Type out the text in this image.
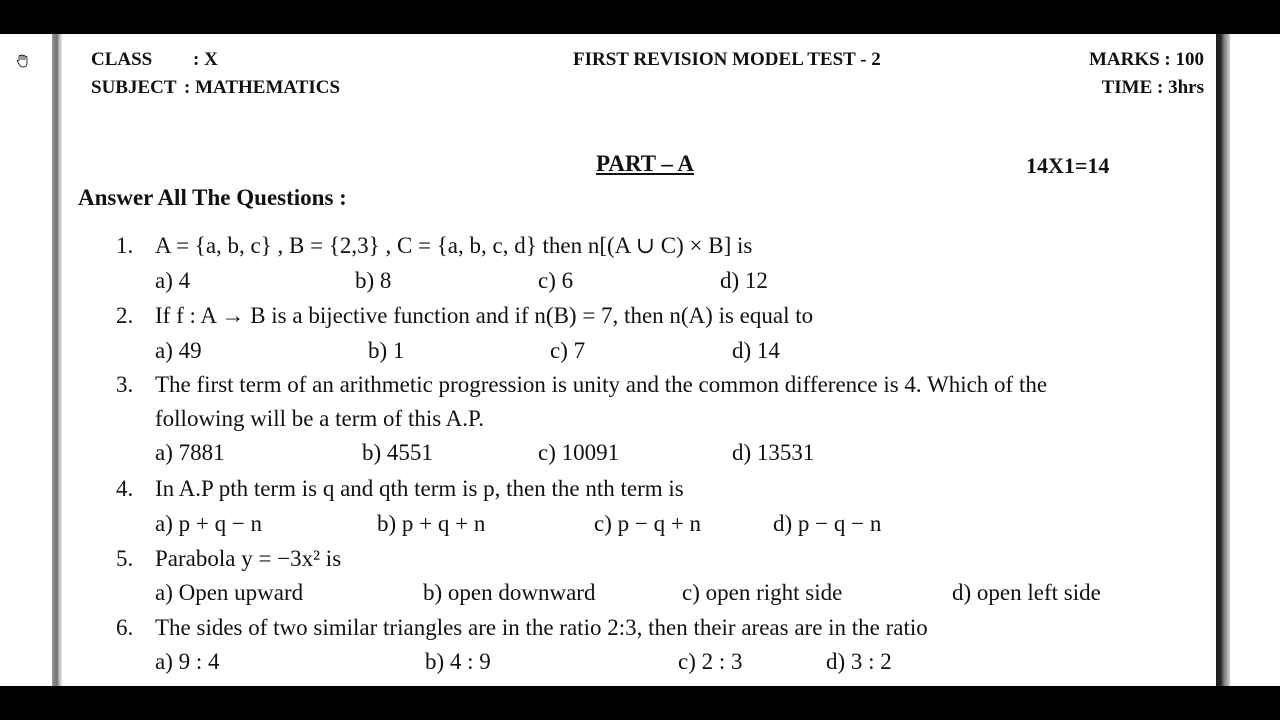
CLASS : X
SUBJECT : MATHEMATICS
FIRST REVISION MODEL TEST - 2	MARKS : 100
TIME : 3hrs
PART – A	14X1=14
Answer All The Questions :
1. A = {a, b, c} , B = {2,3} , C = {a, b, c, d} then n[(A ∪ C) × B] is
a) 4	b) 8	c) 6	d) 12
2. If f : A → B is a bijective function and if n(B) = 7, then n(A) is equal to
a) 49	b) 1	c) 7	d) 14
3. The first term of an arithmetic progression is unity and the common difference is 4. Which of the
following will be a term of this A.P.
a) 7881	b) 4551	c) 10091	d) 13531
4. In A.P pth term is q and qth term is p, then the nth term is
a) p + q − n	b) p + q + n	c) p − q + n	d) p − q − n
5. Parabola y = −3x² is
a) Open upward	b) open downward	c) open right side	d) open left side
6. The sides of two similar triangles are in the ratio 2:3, then their areas are in the ratio
a) 9 : 4	b) 4 : 9	c) 2 : 3	d) 3 : 2
